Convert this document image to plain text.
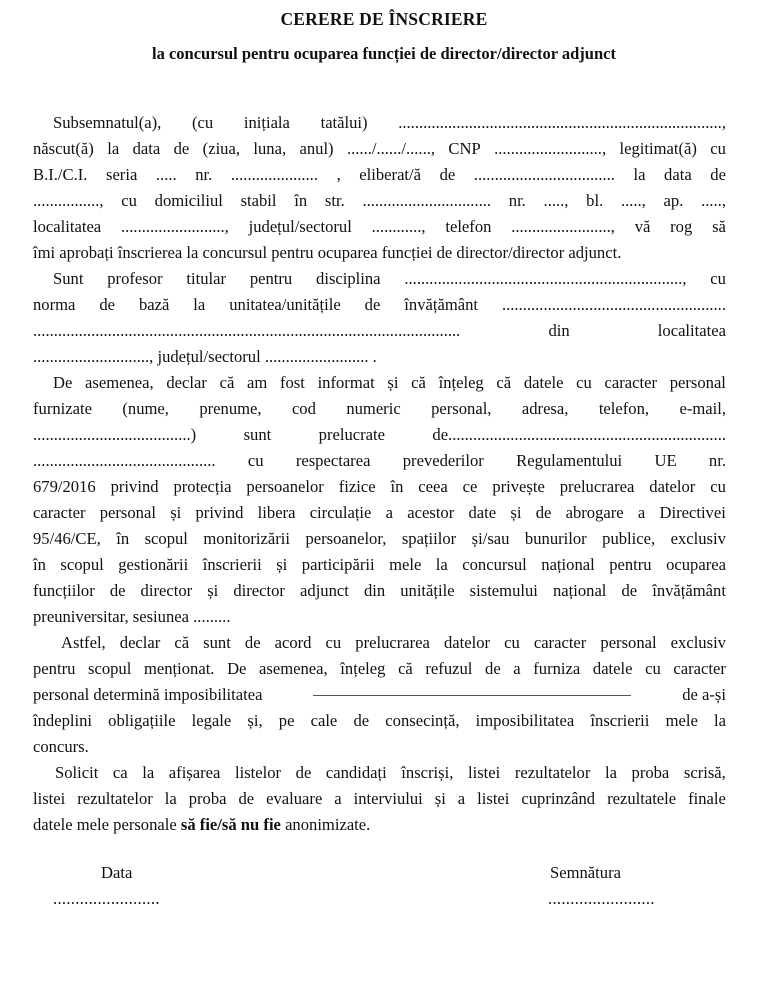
CERERE DE ÎNSCRIERE
la concursul pentru ocuparea funcției de director/director adjunct
Subsemnatul(a), (cu inițiala tatălui) ..............................................................................,
născut(ă) la data de (ziua, luna, anul) ....../....../......, CNP .........................., legitimat(ă) cu
B.I./C.I. seria ..... nr. ..................... , eliberat/ă de .................................. la data de
................, cu domiciliul stabil în str. ............................... nr. ....., bl. ....., ap. .....,
localitatea ........................., județul/sectorul ............, telefon ........................, vă rog să
îmi aprobați înscrierea la concursul pentru ocuparea funcției de director/director adjunct.
Sunt profesor titular pentru disciplina ..................................................................., cu
norma de bază la unitatea/unitățile de învățământ ......................................................
.......................................................................................................	din	localitatea
............................, județul/sectorul ......................... .
De asemenea, declar că am fost informat și că înțeleg că datele cu caracter personal
furnizate (nume, prenume, cod numeric personal, adresa, telefon, e-mail,
......................................)	sunt	prelucrate	de...................................................................
............................................ cu respectarea prevederilor Regulamentului UE nr.
679/2016 privind protecția persoanelor fizice în ceea ce privește prelucrarea datelor cu
caracter personal și privind libera circulație a acestor date și de abrogare a Directivei
95/46/CE, în scopul monitorizării persoanelor, spațiilor și/sau bunurilor publice, exclusiv
în scopul gestionării înscrierii și participării mele la concursul național pentru ocuparea
funcțiilor de director și director adjunct din unitățile sistemului național de învățământ
preuniversitar, sesiunea .........
Astfel, declar că sunt de acord cu prelucrarea datelor cu caracter personal exclusiv
pentru scopul menționat. De asemenea, înțeleg că refuzul de a furniza datele cu caracter
personal determină imposibilitatea	de a-și
îndeplini obligațiile legale și, pe cale de consecință, imposibilitatea înscrierii mele la
concurs.
Solicit ca la afișarea listelor de candidați înscriși, listei rezultatelor la proba scrisă,
listei rezultatelor la proba de evaluare a interviului și a listei cuprinzând rezultatele finale
datele mele personale să fie/să nu fie anonimizate.
Data
........................
Semnătura
........................
